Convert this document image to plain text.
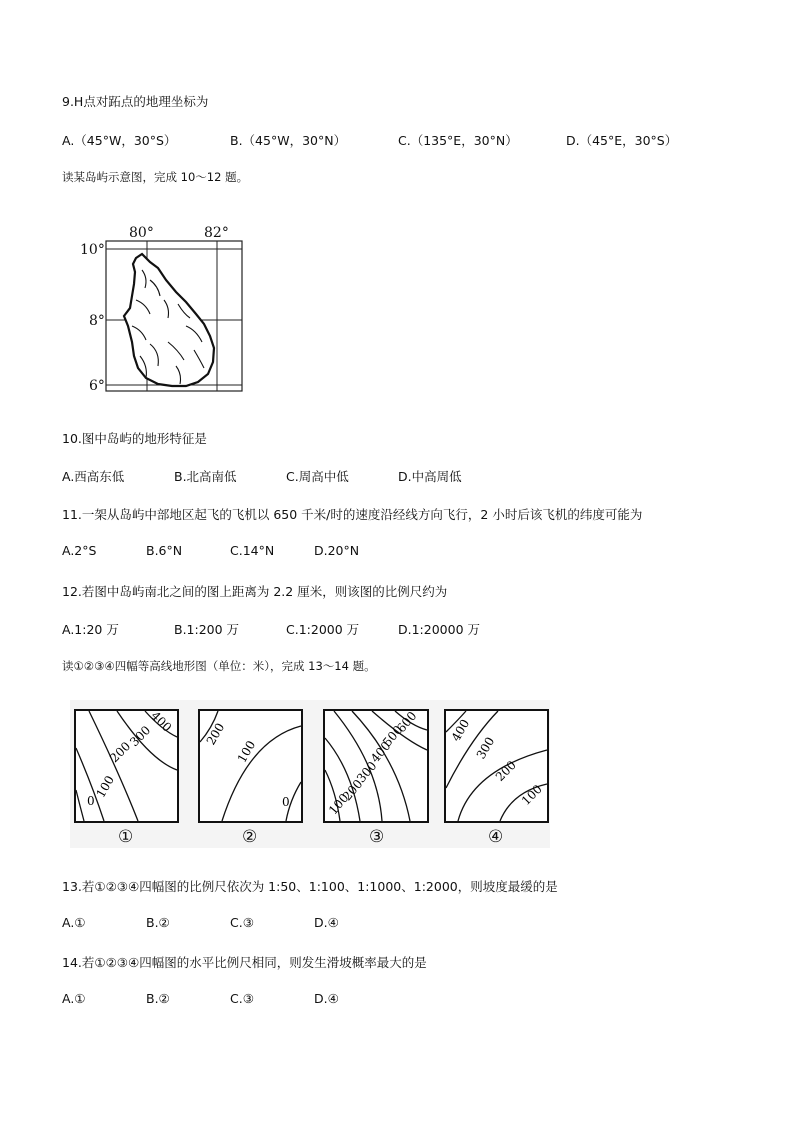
9.H点对跖点的地理坐标为
A.（45°W，30°S）	B.（45°W，30°N）	C.（135°E，30°N）	D.（45°E，30°S）
读某岛屿示意图，完成 10～12 题。
80°	82°
10°
8°
6°
10.图中岛屿的地形特征是
A.西高东低	B.北高南低	C.周高中低	D.中高周低
11.一架从岛屿中部地区起飞的飞机以 650 千米/时的速度沿经线方向飞行，2 小时后该飞机的纬度可能为
A.2°S	B.6°N	C.14°N	D.20°N
12.若图中岛屿南北之间的图上距离为 2.2 厘米，则该图的比例尺约为
A.1:20 万	B.1:200 万	C.1:2000 万	D.1:20000 万
读①②③④四幅等高线地形图（单位：米），完成 13～14 题。
400
300
200
100
0
200
100
0
600
500
400
300
200
100
400
300
200
100
①	②	③	④
13.若①②③④四幅图的比例尺依次为 1:50、1:100、1:1000、1:2000，则坡度最缓的是
A.①	B.②	C.③	D.④
14.若①②③④四幅图的水平比例尺相同，则发生滑坡概率最大的是
A.①	B.②	C.③	D.④
